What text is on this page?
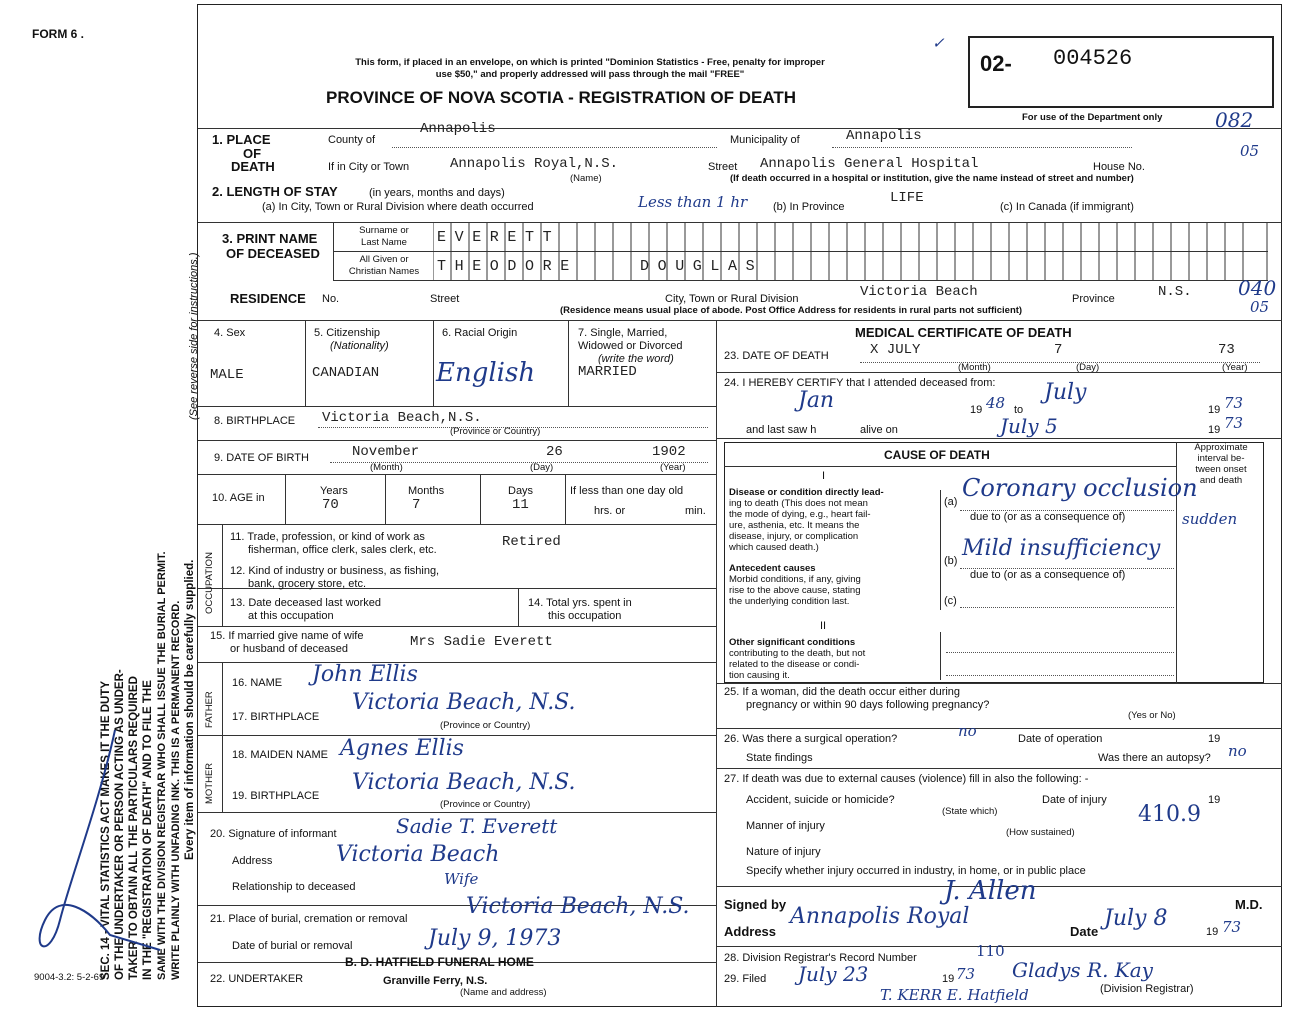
FORM 6 .
9004-3.2: 5-2-69
SEC. 14 - VITAL STATISTICS ACT MAKES IT THE DUTY OF THE UNDERTAKER OR PERSON ACTING AS UNDER- TAKER TO OBTAIN ALL THE PARTICULARS REQUIRED IN THE "REGISTRATION OF DEATH" AND TO FILE THE SAME WITH THE DIVISION REGISTRAR WHO SHALL ISSUE THE BURIAL PERMIT. WRITE PLAINLY WITH UNFADING INK. THIS IS A PERMANENT RECORD. Every item of information should be carefully supplied.
(See reverse side for instructions.)
This form, if placed in an envelope, on which is printed "Dominion Statistics - Free, penalty for improper
use $50," and properly addressed will pass through the mail "FREE"
PROVINCE OF NOVA SCOTIA - REGISTRATION OF DEATH
02- 004526
For use of the Department only
✓
1. PLACE
OF
DEATH
County of
Annapolis
Municipality of	Annapolis
If in City or Town	Annapolis Royal,N.S.
(Name)
Street Annapolis General Hospital	House No.
(If death occurred in a hospital or institution, give the name instead of street and number)
082
05
2. LENGTH OF STAY	(in years, months and days)
(a) In City, Town or Rural Division where death occurred	Less than 1 hr (b) In Province
LIFE
(c) In Canada (if immigrant)
3. PRINT NAME
OF DECEASED
Surname or
Last Name
All Given or
Christian Names
EVERETT
THEODORE	DOUGLAS
RESIDENCE No.	Street	City, Town or Rural Division	Victoria Beach	Province	N.S.
(Residence means usual place of abode. Post Office Address for residents in rural parts not sufficient)
040
05
4. Sex
MALE
5. Citizenship
(Nationality)
CANADIAN
6. Racial Origin
English
7. Single, Married,
Widowed or Divorced
(write the word)
MARRIED
8. BIRTHPLACE Victoria Beach,N.S.
(Province or Country)
9. DATE OF BIRTH	November	26	1902
(Month)	(Day)	(Year)
10. AGE in
Years
70
Months
7
Days
11
If less than one day old
hrs. or	min.
OCCUPATION
11. Trade, profession, or kind of work as
fisherman, office clerk, sales clerk, etc.	Retired
12. Kind of industry or business, as fishing,
bank, grocery store, etc.
13. Date deceased last worked
at this occupation
14. Total yrs. spent in
this occupation
15. If married give name of wife
or husband of deceased	Mrs Sadie Everett
FATHER
16. NAME John Ellis
17. BIRTHPLACE
Victoria Beach, N.S.
(Province or Country)
MOTHER
18. MAIDEN NAME Agnes Ellis
19. BIRTHPLACE
Victoria Beach, N.S.
(Province or Country)
20. Signature of informant	Sadie T. Everett
Address	Victoria Beach
Relationship to deceased	Wife
21. Place of burial, cremation or removal	Victoria Beach, N.S.
Date of burial or removal	July 9, 1973
22. UNDERTAKER
B. D. HATFIELD FUNERAL HOME
Granville Ferry, N.S.
(Name and address)
MEDICAL CERTIFICATE OF DEATH
23. DATE OF DEATH	X JULY	7	73
(Month)	(Day)	(Year)
24. I HEREBY CERTIFY that I attended deceased from:
Jan	19 48 to
July
19 73
and last saw h	alive on	July 5	19 73
CAUSE OF DEATH
Approximate
interval be-
tween onset
and death
I
Disease or condition directly lead-
ing to death (This does not mean
the mode of dying, e.g., heart fail-
ure, asthenia, etc. It means the
disease, injury, or complication
which caused death.)
(a) Coronary occlusion
sudden
due to (or as a consequence of)
Antecedent causes
Morbid conditions, if any, giving
rise to the above cause, stating
the underlying condition last.
(b) Mild insufficiency
due to (or as a consequence of)
(c)
II
Other significant conditions
contributing to the death, but not
related to the disease or condi-
tion causing it.
25. If a woman, did the death occur either during
pregnancy or within 90 days following pregnancy?
(Yes or No)
26. Was there a surgical operation?	no	Date of operation	19
State findings	Was there an autopsy? no
27. If death was due to external causes (violence) fill in also the following: -
Accident, suicide or homicide?
(State which)
Date of injury	19
Manner of injury
(How sustained)
410.9
Nature of injury
Specify whether injury occurred in industry, in home, or in public place
Signed by	J. Allen	M.D.
Address
Annapolis Royal
Date
July 8
19 73
28. Division Registrar's Record Number	110
29. Filed July 23	19 73 Gladys R. Kay
(Division Registrar)
T. KERR E. Hatfield
